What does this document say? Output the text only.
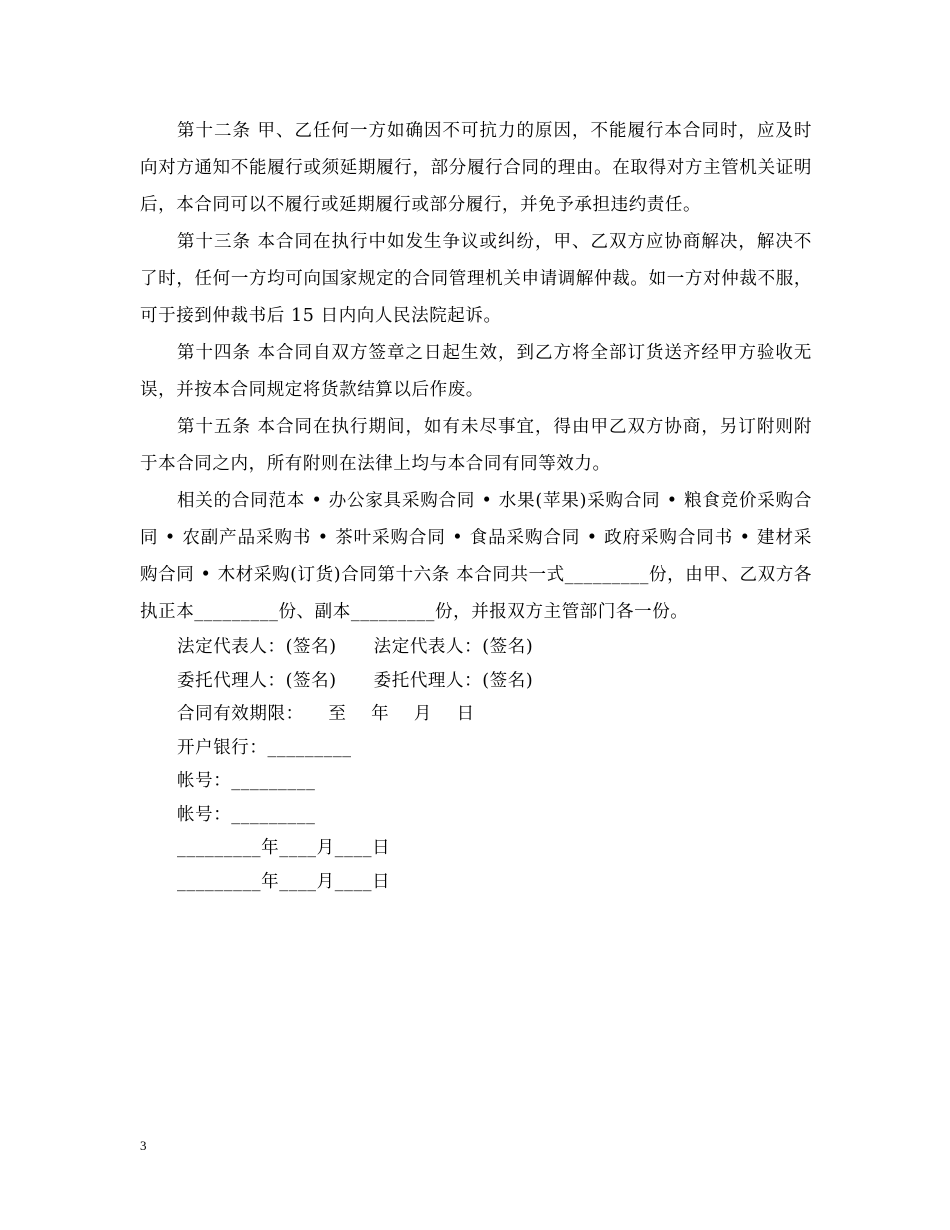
第十二条 甲、乙任何一方如确因不可抗力的原因，不能履行本合同时，应及时向对方通知不能履行或须延期履行，部分履行合同的理由。在取得对方主管机关证明后，本合同可以不履行或延期履行或部分履行，并免予承担违约责任。

第十三条 本合同在执行中如发生争议或纠纷，甲、乙双方应协商解决，解决不了时，任何一方均可向国家规定的合同管理机关申请调解仲裁。如一方对仲裁不服，可于接到仲裁书后 15 日内向人民法院起诉。

第十四条 本合同自双方签章之日起生效，到乙方将全部订货送齐经甲方验收无误，并按本合同规定将货款结算以后作废。

第十五条 本合同在执行期间，如有未尽事宜，得由甲乙双方协商，另订附则附于本合同之内，所有附则在法律上均与本合同有同等效力。

相关的合同范本 • 办公家具采购合同 • 水果(苹果)采购合同 • 粮食竞价采购合同 • 农副产品采购书 • 茶叶采购合同 • 食品采购合同 • 政府采购合同书 • 建材采购合同 • 木材采购(订货)合同第十六条 本合同共一式_________份，由甲、乙双方各执正本_________份、副本_________份，并报双方主管部门各一份。

法定代表人：(签名)      法定代表人：(签名)

委托代理人：(签名)      委托代理人：(签名)

合同有效期限：    至    年    月    日

开户银行：_________

帐号：_________

帐号：_________

_________年____月____日

_________年____月____日

3
